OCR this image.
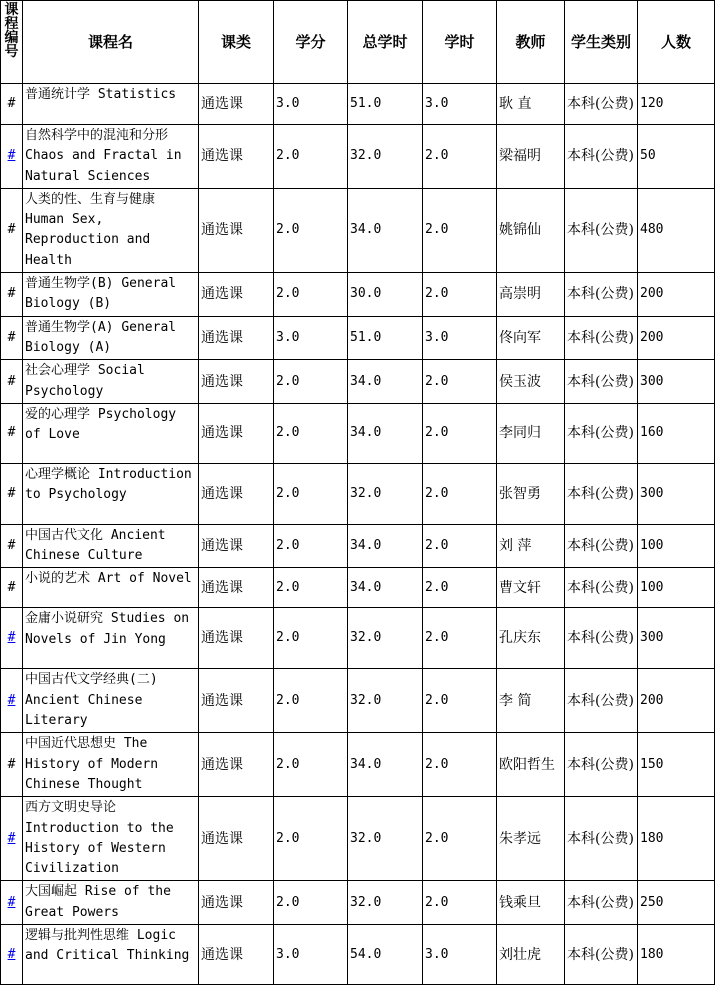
课程编号	课程名	课类	学分	总学时	学时	教师	学生类别	人数
#	普通统计学 Statistics	通选课	3.0	51.0	3.0	耿 直	本科(公费)	120
#	自然科学中的混沌和分形 Chaos and Fractal in Natural Sciences	通选课	2.0	32.0	2.0	梁福明	本科(公费)	50
#	人类的性、生育与健康 Human Sex, Reproduction and Health	通选课	2.0	34.0	2.0	姚锦仙	本科(公费)	480
#	普通生物学(B) General Biology (B)	通选课	2.0	30.0	2.0	高崇明	本科(公费)	200
#	普通生物学(A) General Biology (A)	通选课	3.0	51.0	3.0	佟向军	本科(公费)	200
#	社会心理学 Social Psychology	通选课	2.0	34.0	2.0	侯玉波	本科(公费)	300
#	爱的心理学 Psychology of Love	通选课	2.0	34.0	2.0	李同归	本科(公费)	160
#	心理学概论 Introduction to Psychology	通选课	2.0	32.0	2.0	张智勇	本科(公费)	300
#	中国古代文化 Ancient Chinese Culture	通选课	2.0	34.0	2.0	刘 萍	本科(公费)	100
#	小说的艺术 Art of Novel	通选课	2.0	34.0	2.0	曹文轩	本科(公费)	100
#	金庸小说研究 Studies on Novels of Jin Yong	通选课	2.0	32.0	2.0	孔庆东	本科(公费)	300
#	中国古代文学经典(二) Ancient Chinese Literary	通选课	2.0	32.0	2.0	李 简	本科(公费)	200
#	中国近代思想史 The History of Modern Chinese Thought	通选课	2.0	34.0	2.0	欧阳哲生	本科(公费)	150
#	西方文明史导论 Introduction to the History of Western Civilization	通选课	2.0	32.0	2.0	朱孝远	本科(公费)	180
#	大国崛起 Rise of the Great Powers	通选课	2.0	32.0	2.0	钱乘旦	本科(公费)	250
#	逻辑与批判性思维 Logic and Critical Thinking	通选课	3.0	54.0	3.0	刘壮虎	本科(公费)	180
